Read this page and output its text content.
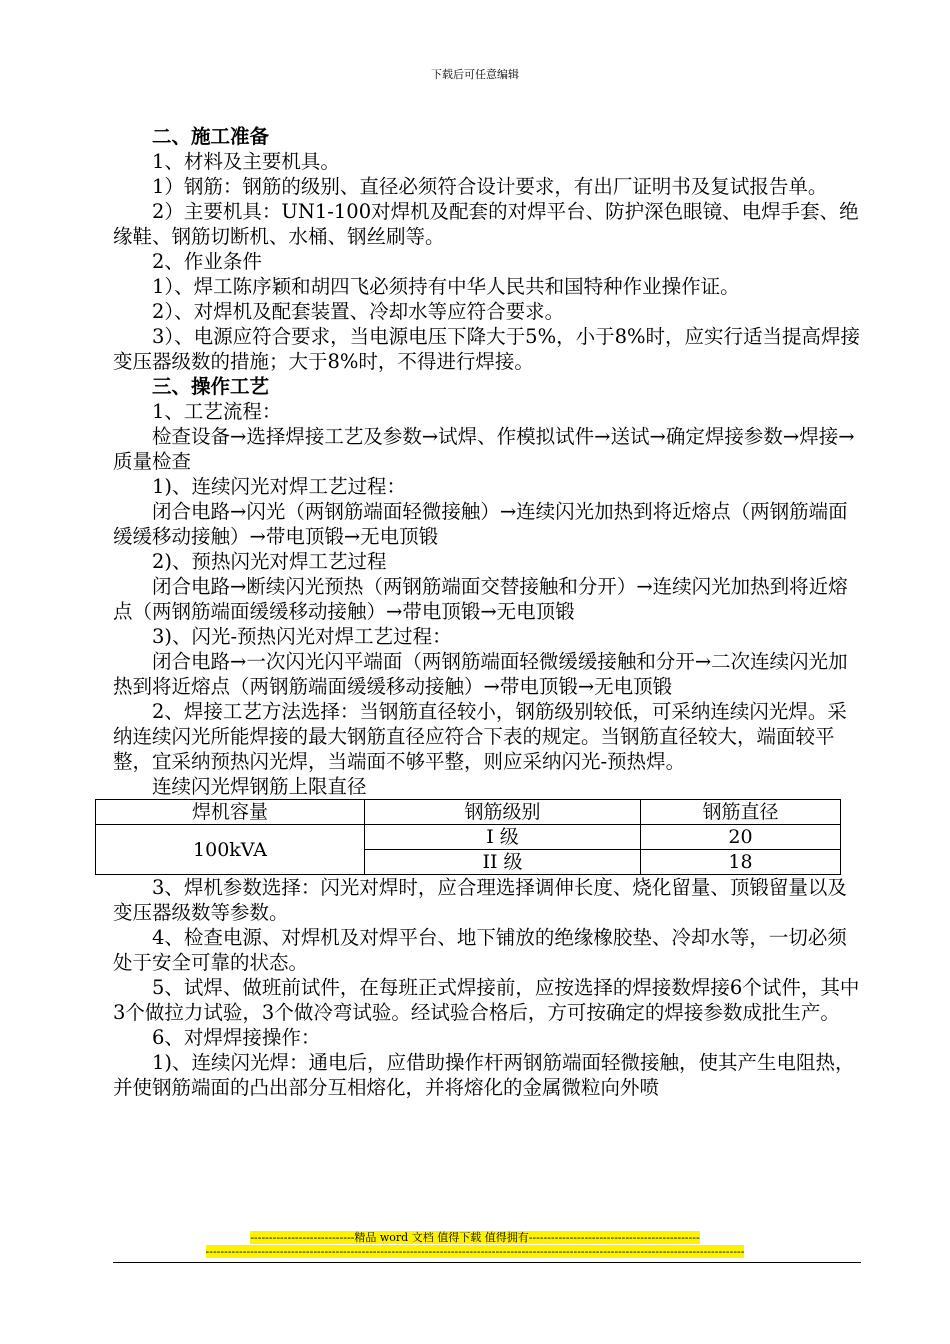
下载后可任意编辑

二、施工准备

1、材料及主要机具。

1）钢筋：钢筋的级别、直径必须符合设计要求，有出厂证明书及复试报告单。

2）主要机具：UN1-100对焊机及配套的对焊平台、防护深色眼镜、电焊手套、绝缘鞋、钢筋切断机、水桶、钢丝刷等。

2、作业条件

1）、焊工陈序颖和胡四飞必须持有中华人民共和国特种作业操作证。

2）、对焊机及配套装置、冷却水等应符合要求。

3）、电源应符合要求，当电源电压下降大于5%，小于8%时，应实行适当提高焊接变压器级数的措施；大于8%时，不得进行焊接。

三、操作工艺

1、工艺流程：

检查设备→选择焊接工艺及参数→试焊、作模拟试件→送试→确定焊接参数→焊接→质量检查

1)、连续闪光对焊工艺过程：

闭合电路→闪光（两钢筋端面轻微接触）→连续闪光加热到将近熔点（两钢筋端面缓缓移动接触）→带电顶锻→无电顶锻

2)、预热闪光对焊工艺过程

闭合电路→断续闪光预热（两钢筋端面交替接触和分开）→连续闪光加热到将近熔点（两钢筋端面缓缓移动接触）→带电顶锻→无电顶锻

3)、闪光-预热闪光对焊工艺过程：

闭合电路→一次闪光闪平端面（两钢筋端面轻微缓缓接触和分开→二次连续闪光加热到将近熔点（两钢筋端面缓缓移动接触）→带电顶锻→无电顶锻

2、焊接工艺方法选择：当钢筋直径较小，钢筋级别较低，可采纳连续闪光焊。采纳连续闪光所能焊接的最大钢筋直径应符合下表的规定。当钢筋直径较大，端面较平整，宜采纳预热闪光焊，当端面不够平整，则应采纳闪光-预热焊。

连续闪光焊钢筋上限直径

焊机容量	钢筋级别	钢筋直径
100kVA	I 级	20
	II 级	18

3、焊机参数选择：闪光对焊时，应合理选择调伸长度、烧化留量、顶锻留量以及变压器级数等参数。

4、检查电源、对焊机及对焊平台、地下铺放的绝缘橡胶垫、冷却水等，一切必须处于安全可靠的状态。

5、试焊、做班前试件，在每班正式焊接前，应按选择的焊接数焊接6个试件，其中3个做拉力试验，3个做冷弯试验。经试验合格后，方可按确定的焊接参数成批生产。

6、对焊焊接操作：

1)、连续闪光焊：通电后，应借助操作杆两钢筋端面轻微接触，使其产生电阻热，并使钢筋端面的凸出部分互相熔化，并将熔化的金属微粒向外喷

----------------------------精品 word 文档 值得下载 值得拥有----------------------------------------------
-------------------------------------------------------------------------------------------------------------------------------------------------
